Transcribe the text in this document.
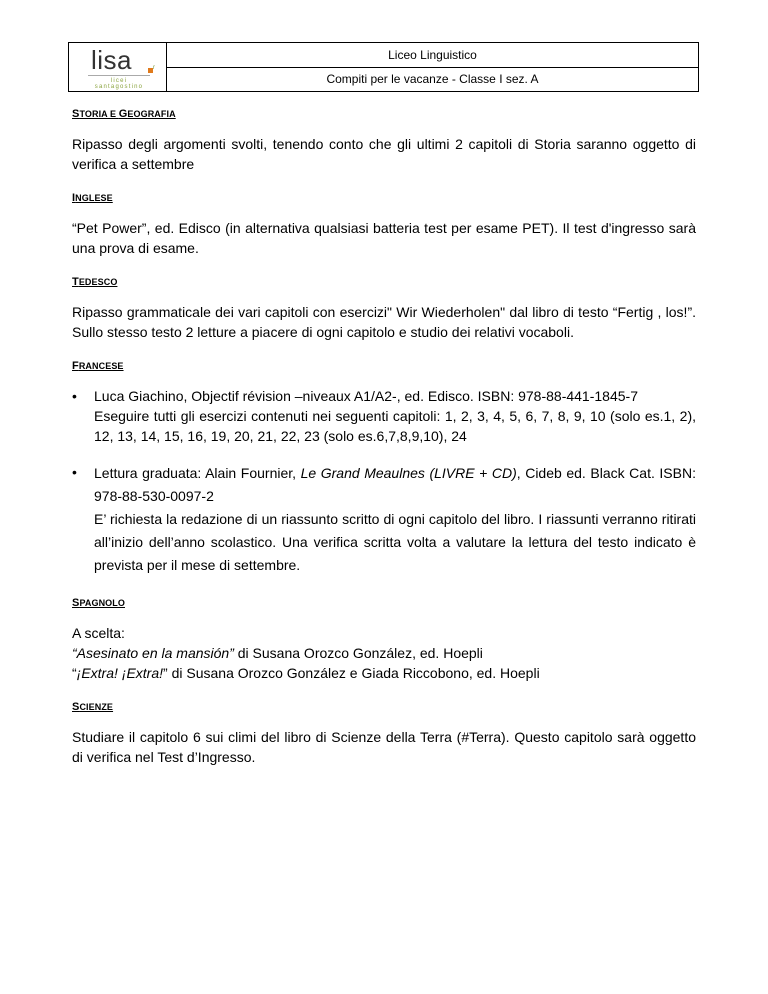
lisa	r
licei santagostino
Liceo Linguistico
Compiti per le vacanze - Classe I sez. A

STORIA E GEOGRAFIA

Ripasso degli argomenti svolti, tenendo conto che gli ultimi 2 capitoli di Storia saranno oggetto di verifica a settembre

INGLESE

“Pet Power”, ed. Edisco (in alternativa qualsiasi batteria test per esame PET). Il test d'ingresso sarà una prova di esame.

TEDESCO

Ripasso grammaticale dei vari capitoli con esercizi" Wir Wiederholen" dal libro di testo “Fertig , los!”. Sullo stesso testo 2 letture a piacere di ogni capitolo e studio dei relativi vocaboli.

FRANCESE

•	Luca Giachino, Objectif révision –niveaux A1/A2-, ed. Edisco. ISBN: 978-88-441-1845-7

Eseguire tutti gli esercizi contenuti nei seguenti capitoli: 1, 2, 3, 4, 5, 6, 7, 8, 9, 10 (solo es.1, 2), 12, 13, 14, 15, 16, 19, 20, 21, 22, 23 (solo es.6,7,8,9,10), 24

•	Lettura graduata: Alain Fournier, Le Grand Meaulnes (LIVRE + CD), Cideb ed. Black Cat. ISBN: 978-88-530-0097-2

E’ richiesta la redazione di un riassunto scritto di ogni capitolo del libro. I riassunti verranno ritirati all’inizio dell’anno scolastico. Una verifica scritta volta a valutare la lettura del testo indicato è prevista per il mese di settembre.

SPAGNOLO

A scelta:
“Asesinato en la mansión” di Susana Orozco González, ed. Hoepli
“¡Extra! ¡Extra!” di Susana Orozco González e Giada Riccobono, ed. Hoepli

SCIENZE

Studiare il capitolo 6 sui climi del libro di Scienze della Terra (#Terra). Questo capitolo sarà oggetto di verifica nel Test d’Ingresso.
